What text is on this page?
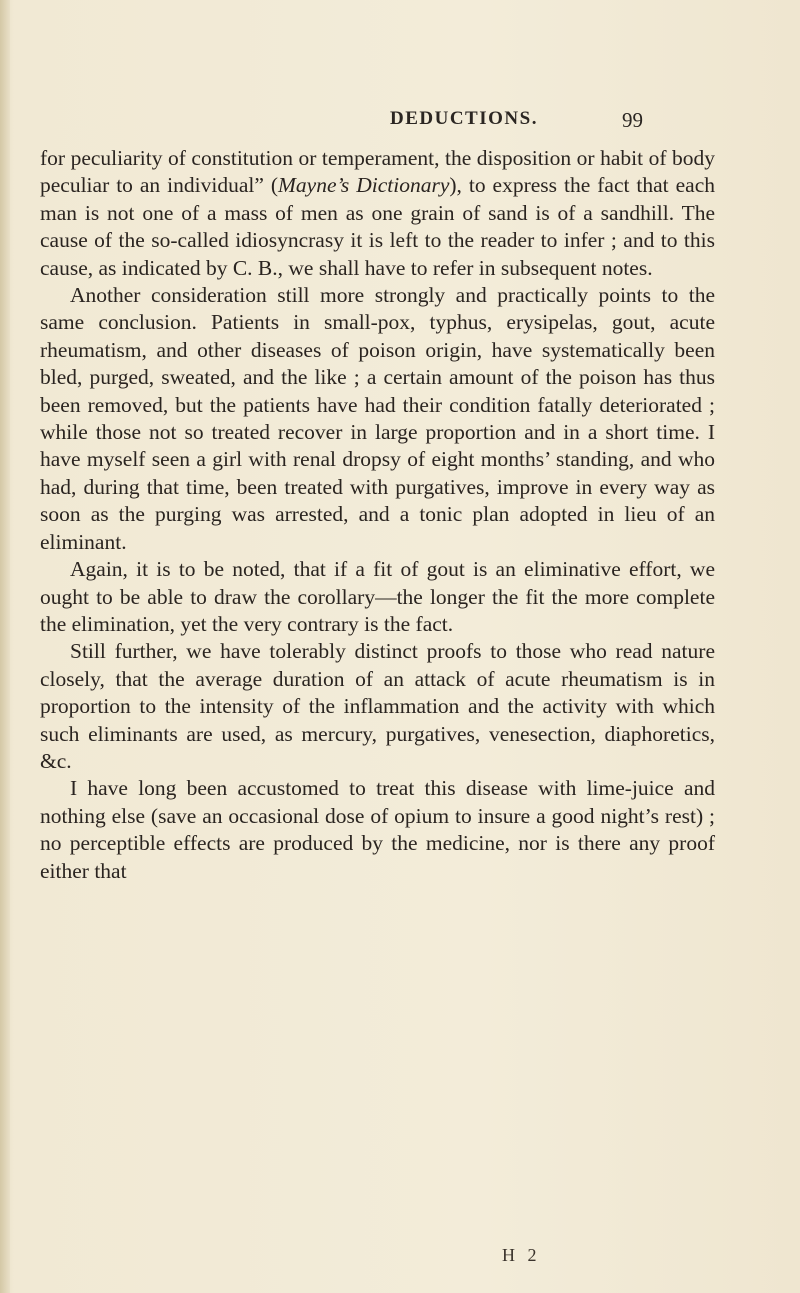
DEDUCTIONS.	99

for peculiarity of constitution or temperament, the disposition or habit of body peculiar to an individual” (Mayne’s Dictionary), to express the fact that each man is not one of a mass of men as one grain of sand is of a sandhill. The cause of the so-called idiosyncrasy it is left to the reader to infer ; and to this cause, as indicated by C. B., we shall have to refer in subsequent notes.

Another consideration still more strongly and practically points to the same conclusion. Patients in small-pox, typhus, erysipelas, gout, acute rheumatism, and other diseases of poison origin, have systematically been bled, purged, sweated, and the like ; a certain amount of the poison has thus been removed, but the patients have had their condition fatally deteriorated ; while those not so treated recover in large proportion and in a short time. I have myself seen a girl with renal dropsy of eight months’ standing, and who had, during that time, been treated with purgatives, improve in every way as soon as the purging was arrested, and a tonic plan adopted in lieu of an eliminant.

Again, it is to be noted, that if a fit of gout is an eliminative effort, we ought to be able to draw the corollary—the longer the fit the more complete the elimination, yet the very contrary is the fact.

Still further, we have tolerably distinct proofs to those who read nature closely, that the average duration of an attack of acute rheumatism is in proportion to the intensity of the inflammation and the activity with which such eliminants are used, as mercury, purgatives, venesection, diaphoretics, &c.

I have long been accustomed to treat this disease with lime-juice and nothing else (save an occasional dose of opium to insure a good night’s rest) ; no perceptible effects are produced by the medicine, nor is there any proof either that

H 2
